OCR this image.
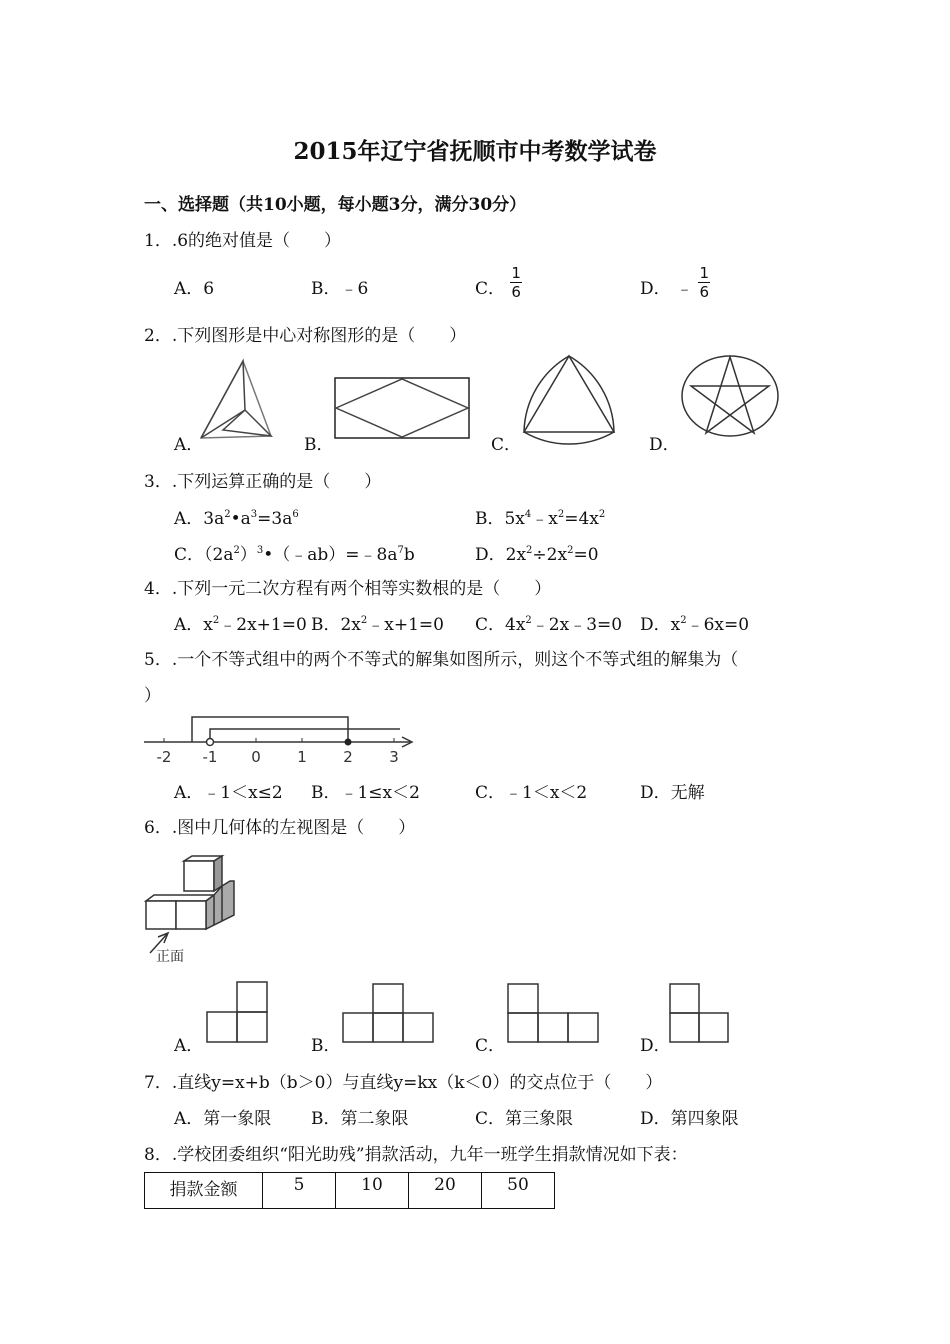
2015年辽宁省抚顺市中考数学试卷
一、选择题（共10小题，每小题3分，满分30分）
1．.6的绝对值是（　　）
A．6	B．﹣6	C． $\frac{1}{6}$	D． ﹣ $\frac{1}{6}$
2．.下列图形是中心对称图形的是（　　）
A．	B．	C．	D．
3．.下列运算正确的是（　　）
A．$3a^2•a^3=3a^6$	B．$5x^4﹣x^2=4x^2$
C．$(2a^2)^3•(﹣ab)=﹣8a^7b$	D．$2x^2\div 2x^2=0$
4．.下列一元二次方程有两个相等实数根的是（　　）
A．$x^2﹣2x+1=0$ B．$2x^2﹣x+1=0$ C．$4x^2﹣2x﹣3=0$ D．$x^2﹣6x=0$
5．.一个不等式组中的两个不等式的解集如图所示，则这个不等式组的解集为（
）
-2 -1 0 1 2 3
A．﹣1＜x≤2 B．﹣1≤x＜2	C．﹣1＜x＜2	D．无解
6．.图中几何体的左视图是（　　）
正面
A．	B．	C．	D．
7．.直线y=x+b（b＞0）与直线y=kx（k＜0）的交点位于（　　）
A．第一象限 B．第二象限	C．第三象限	D．第四象限
8．.学校团委组织“阳光助残”捐款活动，九年一班学生捐款情况如下表：
捐款金额	5	10	20	50
